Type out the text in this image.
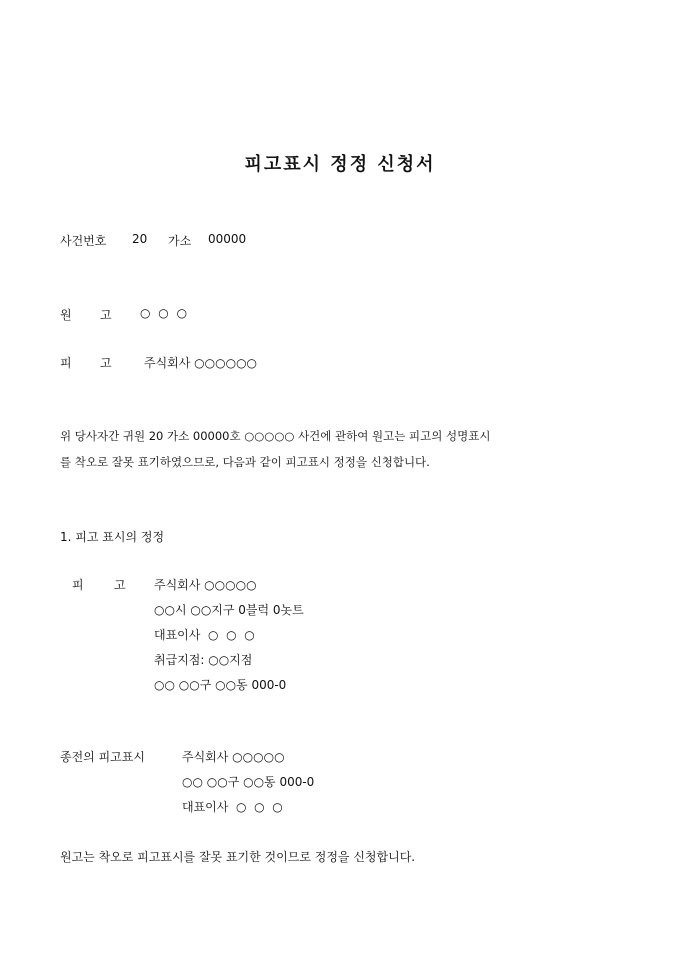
피고표시 정정 신청서
사건번호 20 가소 00000
원 고 ○ ○ ○
피 고	주식회사 ○○○○○○
위 당사자간 귀원 20 가소 00000호 ○○○○○ 사건에 관하여 원고는 피고의 성명표시
를 착오로 잘못 표기하였으므로, 다음과 같이 피고표시 정정을 신청합니다.
1. 피고 표시의 정정
피	고 주식회사 ○○○○○
○○시 ○○지구 0블럭 0놋트
대표이사  ○  ○  ○
취급지점: ○○지점
○○ ○○구 ○○동 000-0
종전의 피고표시	주식회사 ○○○○○
○○ ○○구 ○○동 000-0
대표이사  ○  ○  ○
원고는 착오로 피고표시를 잘못 표기한 것이므로 정정을 신청합니다.
